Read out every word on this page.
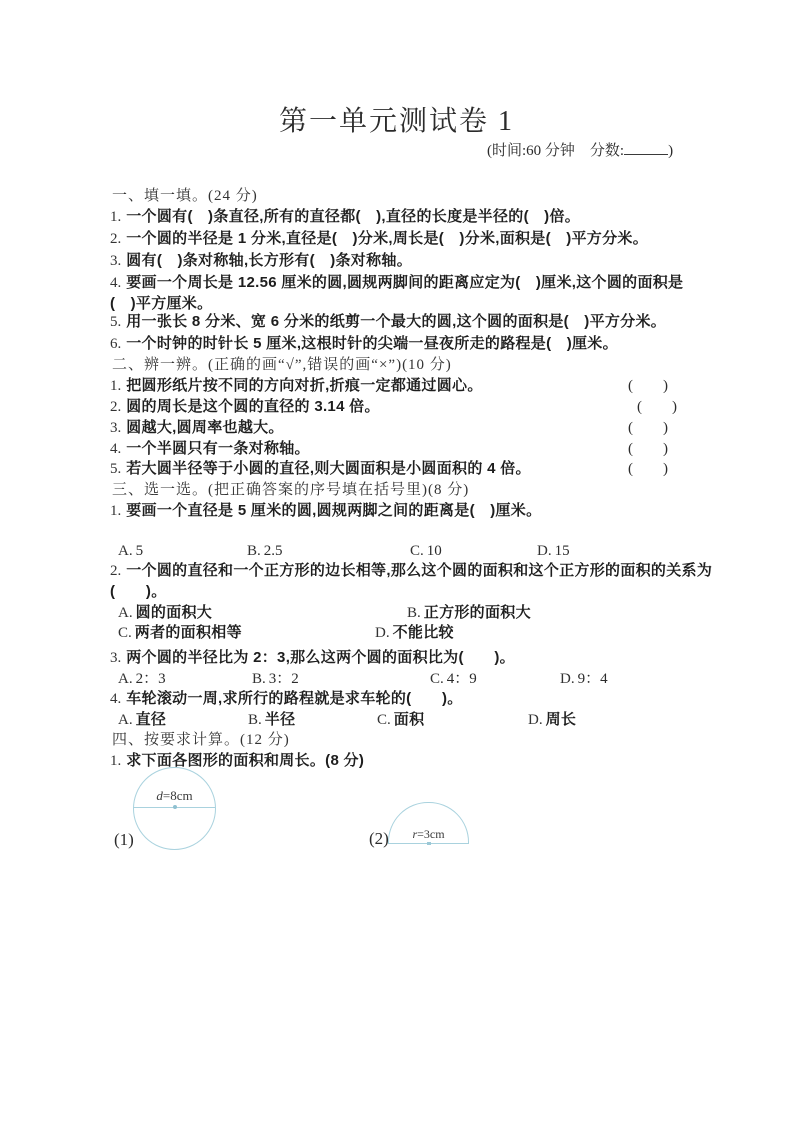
第一单元测试卷 1
(时间:60 分钟　分数:	)
一、填一填。(24 分)
1. 一个圆有(　)条直径,所有的直径都(　),直径的长度是半径的(　)倍。
2. 一个圆的半径是 1 分米,直径是(　)分米,周长是(　)分米,面积是(　)平方分米。
3. 圆有(　)条对称轴,长方形有(　)条对称轴。
4. 要画一个周长是 12.56 厘米的圆,圆规两脚间的距离应定为(　)厘米,这个圆的面积是
(　)平方厘米。
5. 用一张长 8 分米、宽 6 分米的纸剪一个最大的圆,这个圆的面积是(　)平方分米。
6. 一个时钟的时针长 5 厘米,这根时针的尖端一昼夜所走的路程是(　)厘米。
二、辨一辨。(正确的画“√”,错误的画“×”)(10 分)
1. 把圆形纸片按不同的方向对折,折痕一定都通过圆心。	(　　)
2. 圆的周长是这个圆的直径的 3.14 倍。	(　　)
3. 圆越大,圆周率也越大。	(　　)
4. 一个半圆只有一条对称轴。	(　　)
5. 若大圆半径等于小圆的直径,则大圆面积是小圆面积的 4 倍。	(　　)
三、选一选。(把正确答案的序号填在括号里)(8 分)
1. 要画一个直径是 5 厘米的圆,圆规两脚之间的距离是(　)厘米。
A. 5	B. 2.5	C. 10	D. 15
2. 一个圆的直径和一个正方形的边长相等,那么这个圆的面积和这个正方形的面积的关系为
(　　)。
A. 圆的面积大	B. 正方形的面积大
C. 两者的面积相等	D. 不能比较
3. 两个圆的半径比为 2：3,那么这两个圆的面积比为(　　)。
A. 2：3	B. 3：2	C. 4：9	D. 9：4
4. 车轮滚动一周,求所行的路程就是求车轮的(　　)。
A. 直径	B. 半径	C. 面积	D. 周长
四、按要求计算。(12 分)
1. 求下面各图形的面积和周长。(8 分)
d=8cm
(1)	r=3cm
(2)
